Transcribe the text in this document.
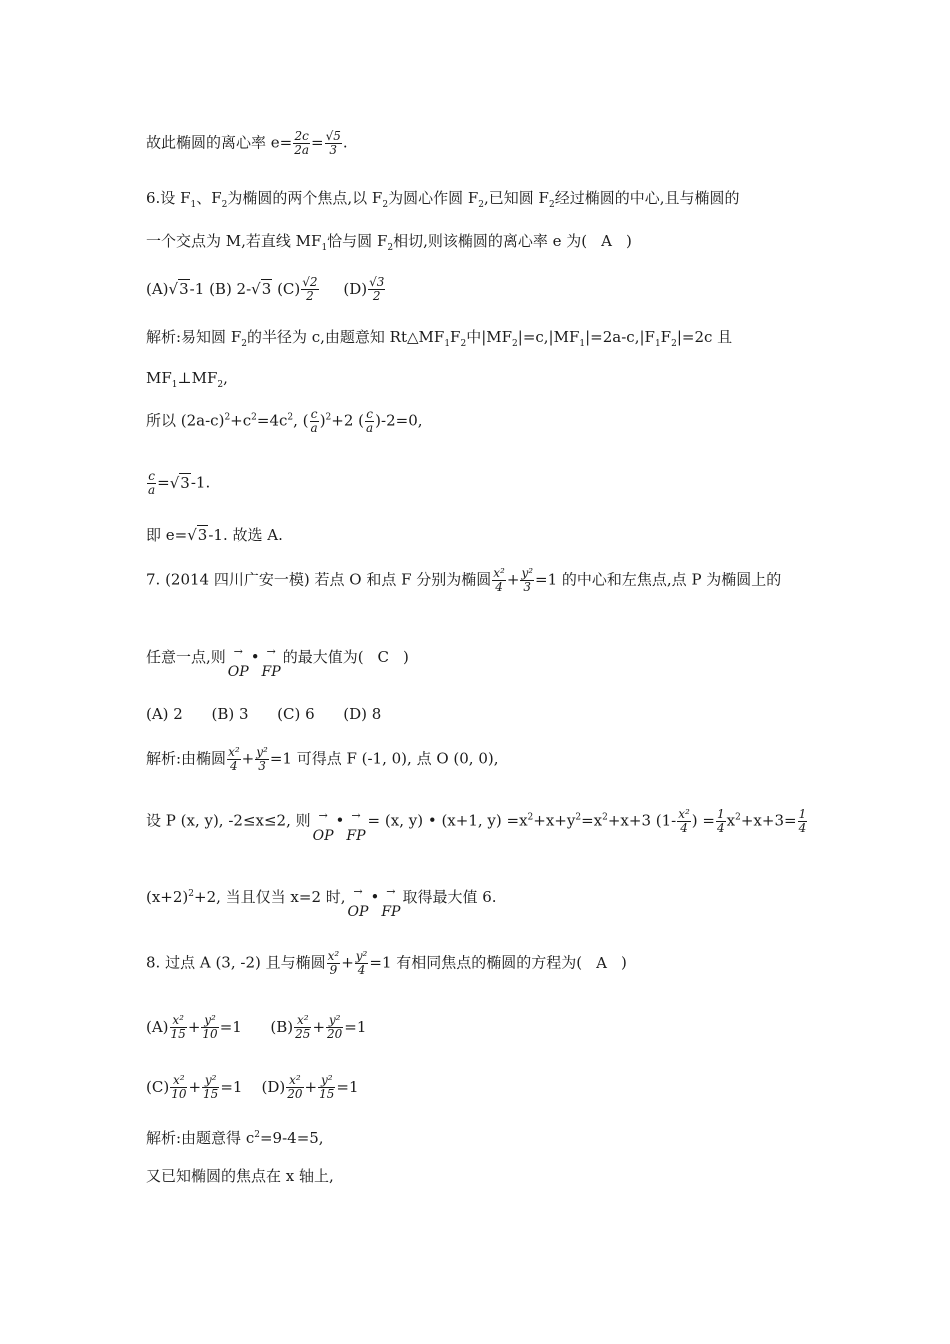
故此椭圆的离心率 $e= \frac{2c}{2a} = \frac{√5}{3}$ .
6.设 $F_1$、$F_2$为椭圆的两个焦点,以 $F_2$为圆心作圆 $F_2$,已知圆 $F_2$经过椭圆的中心,且与椭圆的
一个交点为 M,若直线 $MF_1$恰与圆 $F_2$相切,则该椭圆的离心率 e 为( A )
(A)√3-1 (B) 2-√3 $(C) \frac{√2}{2} (D) \frac{√3}{2}$
解析:易知圆 $F_2$的半径为 c,由题意知 $Rt\triangle MF_1F_2$中$|MF_2|=c,|MF_1|=2a-c,|F_1F_2|=2c$ 且
$MF_1\perp MF_2$,
所以 $(2a-c)^2+c^2=4c^2$, ( $\frac{c}{a} )^2+2$ ( $\frac{c}{a} )-2=0$,
$\frac{c}{a} =√3-1$.
即 e=√3-1. 故选 A.
7. (2014 四川广安一模) 若点 O 和点 F 分别为椭圆 $\frac{\text{x²}}{4} + \frac{\text{y²}}{3} =1$ 的中心和左焦点,点 P 为椭圆上的
任意一点,则 →
OP
• →
FP
的最大值为( C )
(A) 2 (B) 3 (C) 6 (D) 8
解析:由椭圆 $\frac{\text{x²}}{4} + \frac{\text{y²}}{3} =1$ 可得点 F (-1, 0), 点 O (0, 0),
设 P (x, y), -2≤x≤2, 则 →
OP
• →
FP
= (x, y) • (x+1, $y) =x^2+x+y^2=x^2+x+3$ ($1- \frac{\text{x²}}{4}$ ) = $\frac{1}{4} x^2+x+3= \frac{1}{4}$
$(x+2)^2+2$, 当且仅当 x=2 时, →
OP
• →
FP
取得最大值 6.
8. 过点 A (3, -2) 且与椭圆 $\frac{\text{x²}}{9} + \frac{\text{y²}}{4} =1$ 有相同焦点的椭圆的方程为( A )
$(A) \frac{\text{x²}}{15} + \frac{\text{y²}}{10} =1$ $(B) \frac{\text{x²}}{25} + \frac{\text{y²}}{20} =1$
$(C) \frac{\text{x²}}{10} + \frac{\text{y²}}{15} =1$ $(D) \frac{\text{x²}}{20} + \frac{\text{y²}}{15} =1$
解析:由题意得 $c^2=9-4=5$,
又已知椭圆的焦点在 x 轴上,
